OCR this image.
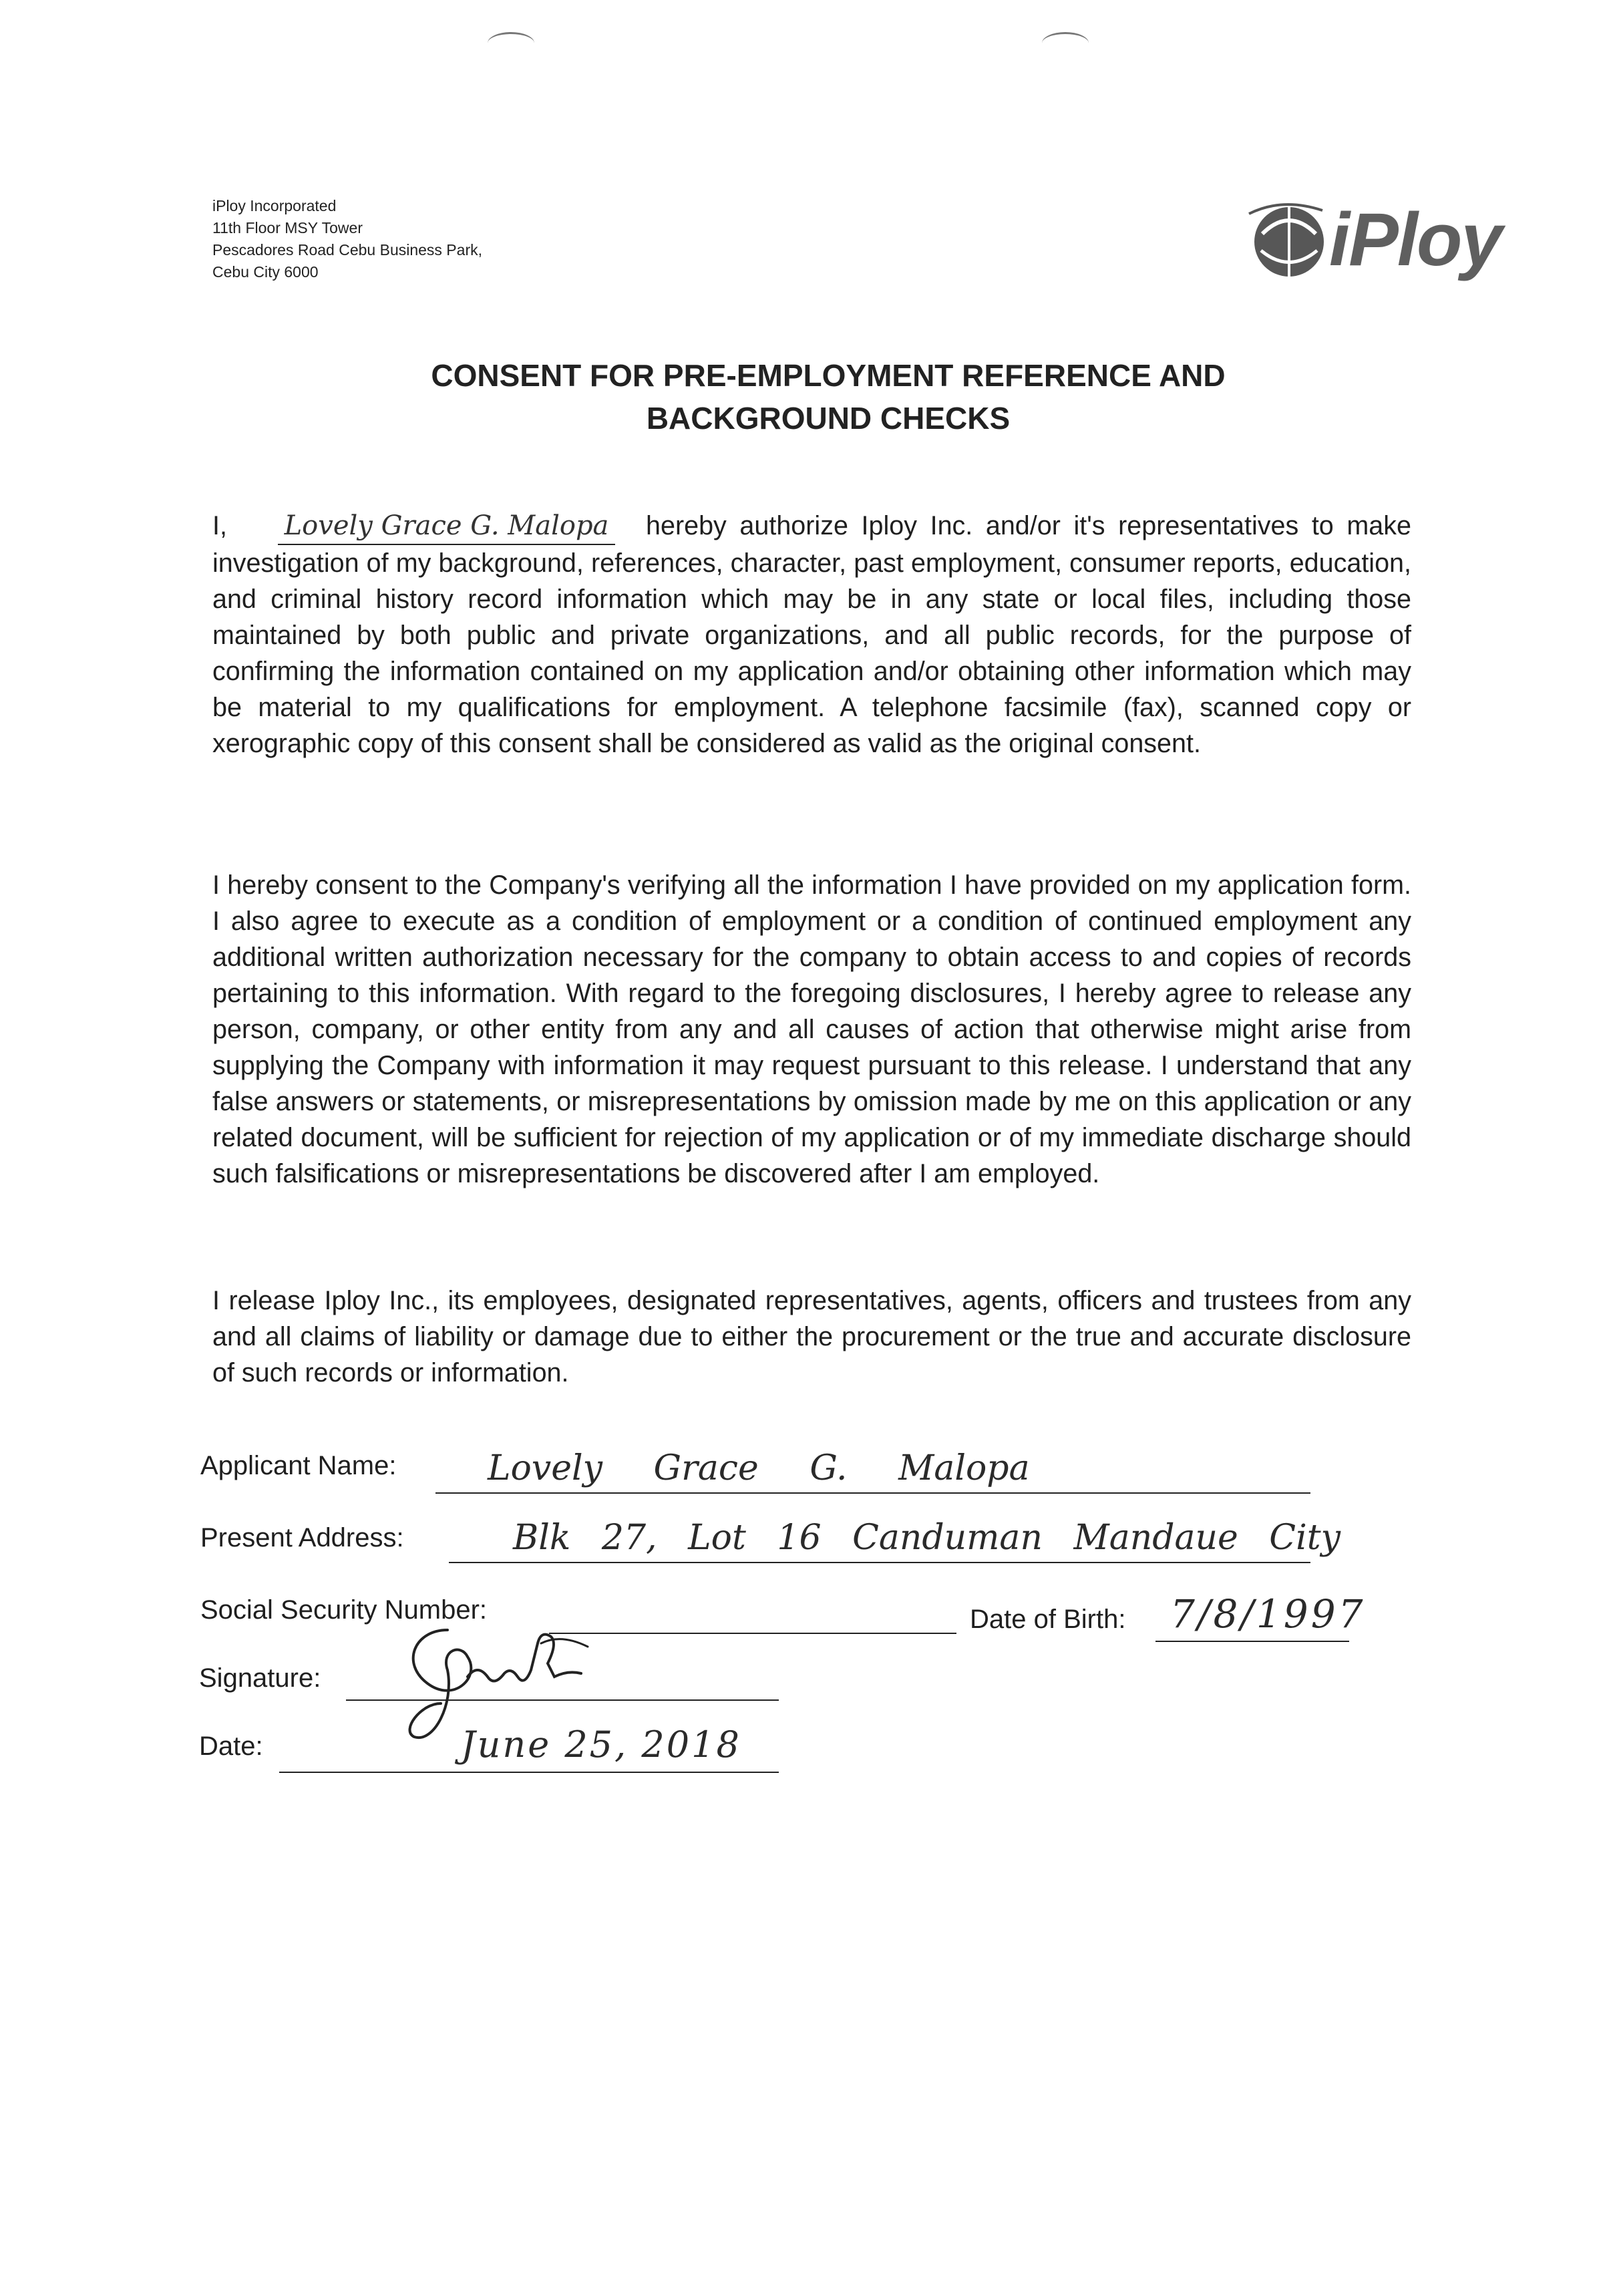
iPloy Incorporated
11th Floor MSY Tower
Pescadores Road Cebu Business Park,
Cebu City 6000	iPloy
CONSENT FOR PRE-EMPLOYMENT REFERENCE AND
BACKGROUND CHECKS
I, Lovely Grace G. Malopa hereby authorize Iploy Inc. and/or it's representatives to make investigation of my background, references, character, past employment, consumer reports, education, and criminal history record information which may be in any state or local files, including those maintained by both public and private organizations, and all public records, for the purpose of confirming the information contained on my application and/or obtaining other information which may be material to my qualifications for employment. A telephone facsimile (fax), scanned copy or xerographic copy of this consent shall be considered as valid as the original consent.
I hereby consent to the Company's verifying all the information I have provided on my application form. I also agree to execute as a condition of employment or a condition of continued employment any additional written authorization necessary for the company to obtain access to and copies of records pertaining to this information. With regard to the foregoing disclosures, I hereby agree to release any person, company, or other entity from any and all causes of action that otherwise might arise from supplying the Company with information it may request pursuant to this release. I understand that any false answers or statements, or misrepresentations by omission made by me on this application or any related document, will be sufficient for rejection of my application or of my immediate discharge should such falsifications or misrepresentations be discovered after I am employed.
I release Iploy Inc., its employees, designated representatives, agents, officers and trustees from any and all claims of liability or damage due to either the procurement or the true and accurate disclosure of such records or information.
Applicant Name:	Lovely Grace G. Malopa
Present Address:	Blk 27, Lot 16 Canduman Mandaue City
Social Security Number:	Date of Birth: 7/8/1997
Signature:
Date:	June 25, 2018
